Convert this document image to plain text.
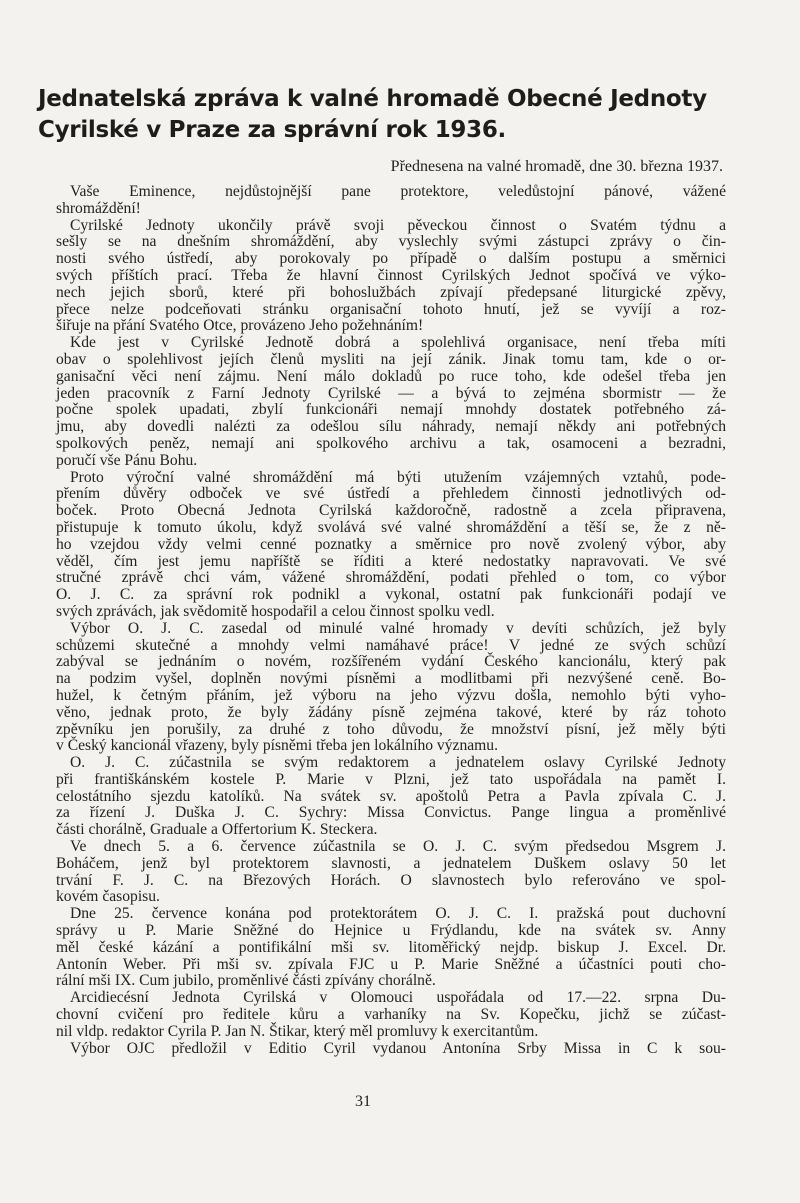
Jednatelská zpráva k valné hromadě Obecné Jednoty
Cyrilské v Praze za správní rok 1936.
Přednesena na valné hromadě, dne 30. března 1937.
Vaše Eminence, nejdůstojnější pane protektore, veledůstojní pánové, vážené
shromáždění!
Cyrilské Jednoty ukončily právě svoji pěveckou činnost o Svatém týdnu a
sešly se na dnešním shromáždění, aby vyslechly svými zástupci zprávy o čin-
nosti svého ústředí, aby porokovaly po případě o dalším postupu a směrnici
svých příštích prací. Třeba že hlavní činnost Cyrilských Jednot spočívá ve výko-
nech jejich sborů, které při bohoslužbách zpívají předepsané liturgické zpěvy,
přece nelze podceňovati stránku organisační tohoto hnutí, jež se vyvíjí a roz-
šiřuje na přání Svatého Otce, provázeno Jeho požehnáním!
Kde jest v Cyrilské Jednotě dobrá a spolehlivá organisace, není třeba míti
obav o spolehlivost jejích členů mysliti na její zánik. Jinak tomu tam, kde o or-
ganisační věci není zájmu. Není málo dokladů po ruce toho, kde odešel třeba jen
jeden pracovník z Farní Jednoty Cyrilské — a bývá to zejména sbormistr — že
počne spolek upadati, zbylí funkcionáři nemají mnohdy dostatek potřebného zá-
jmu, aby dovedli nalézti za odešlou sílu náhrady, nemají někdy ani potřebných
spolkových peněz, nemají ani spolkového archivu a tak, osamoceni a bezradni,
poručí vše Pánu Bohu.
Proto výroční valné shromáždění má býti utužením vzájemných vztahů, pode-
přením důvěry odboček ve své ústředí a přehledem činnosti jednotlivých od-
boček. Proto Obecná Jednota Cyrilská každoročně, radostně a zcela připravena,
přistupuje k tomuto úkolu, když svolává své valné shromáždění a těší se, že z ně-
ho vzejdou vždy velmi cenné poznatky a směrnice pro nově zvolený výbor, aby
věděl, čím jest jemu napříště se říditi a které nedostatky napravovati. Ve své
stručné zprávě chci vám, vážené shromáždění, podati přehled o tom, co výbor
O. J. C. za správní rok podnikl a vykonal, ostatní pak funkcionáři podají ve
svých zprávách, jak svědomitě hospodařil a celou činnost spolku vedl.
Výbor O. J. C. zasedal od minulé valné hromady v devíti schůzích, jež byly
schůzemi skutečné a mnohdy velmi namáhavé práce! V jedné ze svých schůzí
zabýval se jednáním o novém, rozšířeném vydání Českého kancionálu, který pak
na podzim vyšel, doplněn novými písněmi a modlitbami při nezvýšené ceně. Bo-
hužel, k četným přáním, jež výboru na jeho výzvu došla, nemohlo býti vyho-
věno, jednak proto, že byly žádány písně zejména takové, které by ráz tohoto
zpěvníku jen porušily, za druhé z toho důvodu, že množství písní, jež měly býti
v Český kancionál vřazeny, byly písněmi třeba jen lokálního významu.
O. J. C. zúčastnila se svým redaktorem a jednatelem oslavy Cyrilské Jednoty
při františkánském kostele P. Marie v Plzni, jež tato uspořádala na pamět I.
celostátního sjezdu katolíků. Na svátek sv. apoštolů Petra a Pavla zpívala C. J.
za řízení J. Duška J. C. Sychry: Missa Convictus. Pange lingua a proměnlivé
části chorálně, Graduale a Offertorium K. Steckera.
Ve dnech 5. a 6. července zúčastnila se O. J. C. svým předsedou Msgrem J.
Boháčem, jenž byl protektorem slavnosti, a jednatelem Duškem oslavy 50 let
trvání F. J. C. na Březových Horách. O slavnostech bylo referováno ve spol-
kovém časopisu.
Dne 25. července konána pod protektorátem O. J. C. I. pražská pout duchovní
správy u P. Marie Sněžné do Hejnice u Frýdlandu, kde na svátek sv. Anny
měl české kázání a pontifikální mši sv. litoměřický nejdp. biskup J. Excel. Dr.
Antonín Weber. Při mši sv. zpívala FJC u P. Marie Sněžné a účastníci pouti cho-
rální mši IX. Cum jubilo, proměnlivé části zpívány chorálně.
Arcidiecésní Jednota Cyrilská v Olomouci uspořádala od 17.—22. srpna Du-
chovní cvičení pro ředitele kůru a varhaníky na Sv. Kopečku, jichž se zúčast-
nil vldp. redaktor Cyrila P. Jan N. Štikar, který měl promluvy k exercitantům.
Výbor OJC předložil v Editio Cyril vydanou Antonína Srby Missa in C k sou-
31
